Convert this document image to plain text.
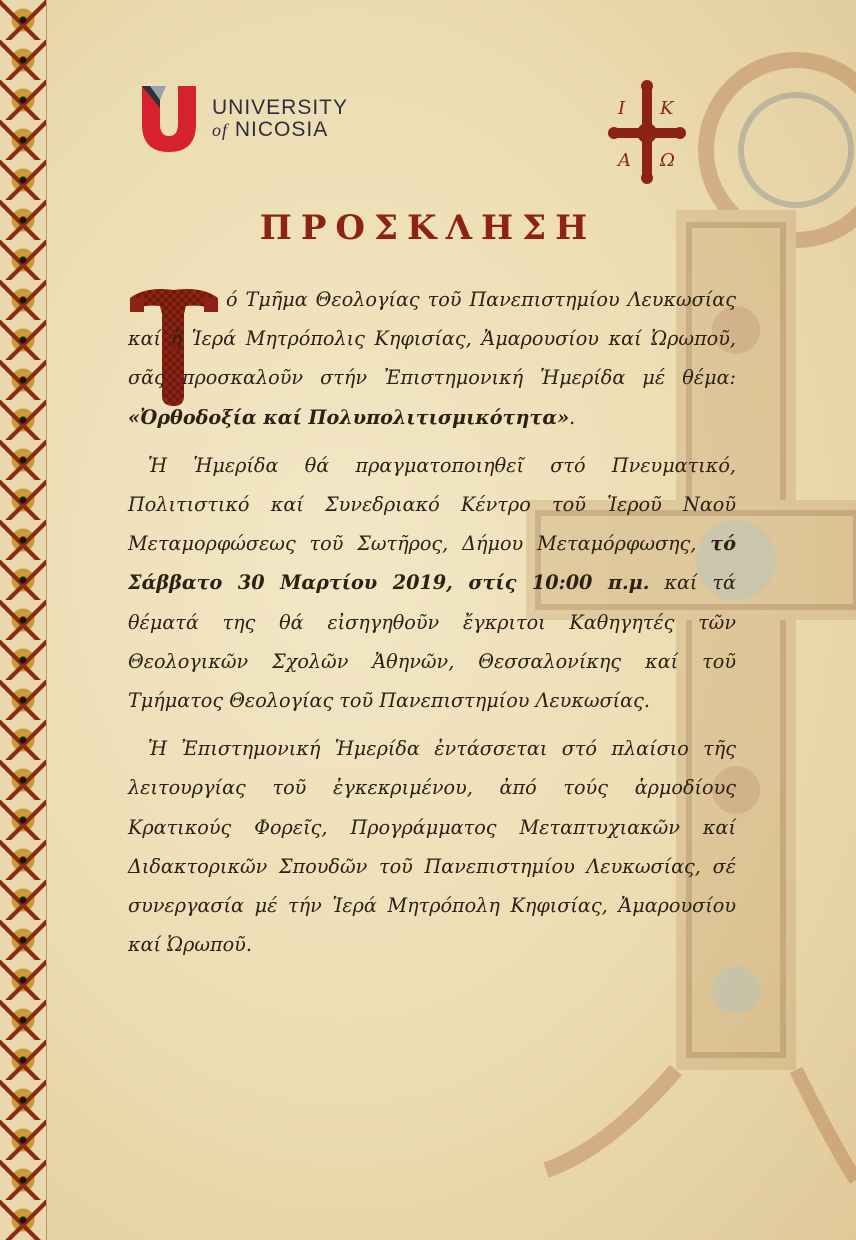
UNIVERSITY
of NICOSIA
Ι Κ
Α Ω
ΠΡΟΣΚΛΗΣΗ

ό Τμῆμα Θεολογίας τοῦ Πανεπιστημίου Λευκωσίας καί ἡ Ἱερά Μητρόπολις Κηφισίας, Ἀμαρουσίου καί Ὠρωποῦ, σᾶς προσκαλοῦν στήν Ἐπιστημονική Ἡμερίδα μέ θέμα: «Ὀρθοδοξία καί Πολυπολιτισμικότητα».

Ἡ Ἡμερίδα θά πραγματοποιηθεῖ στό Πνευματικό, Πολιτιστικό καί Συνεδριακό Κέντρο τοῦ Ἱεροῦ Ναοῦ Μεταμορφώσεως τοῦ Σωτῆρος, Δήμου Μεταμόρφωσης, τό Σάββατο 30 Μαρτίου 2019, στίς 10:00 π.μ. καί τά θέματά της θά εἰσηγηθοῦν ἔγκριτοι Καθηγητές τῶν Θεολογικῶν Σχολῶν Ἀθηνῶν, Θεσσαλονίκης καί τοῦ Τμήματος Θεολογίας τοῦ Πανεπιστημίου Λευκωσίας.

Ἡ Ἐπιστημονική Ἡμερίδα ἐντάσσεται στό πλαίσιο τῆς λειτουργίας τοῦ ἐγκεκριμένου, ἀπό τούς ἁρμοδίους Κρατικούς Φορεῖς, Προγράμματος Μεταπτυχιακῶν καί Διδακτορικῶν Σπουδῶν τοῦ Πανεπιστημίου Λευκωσίας, σέ συνεργασία μέ τήν Ἱερά Μητρόπολη Κηφισίας, Ἀμαρουσίου καί Ὠρωποῦ.
